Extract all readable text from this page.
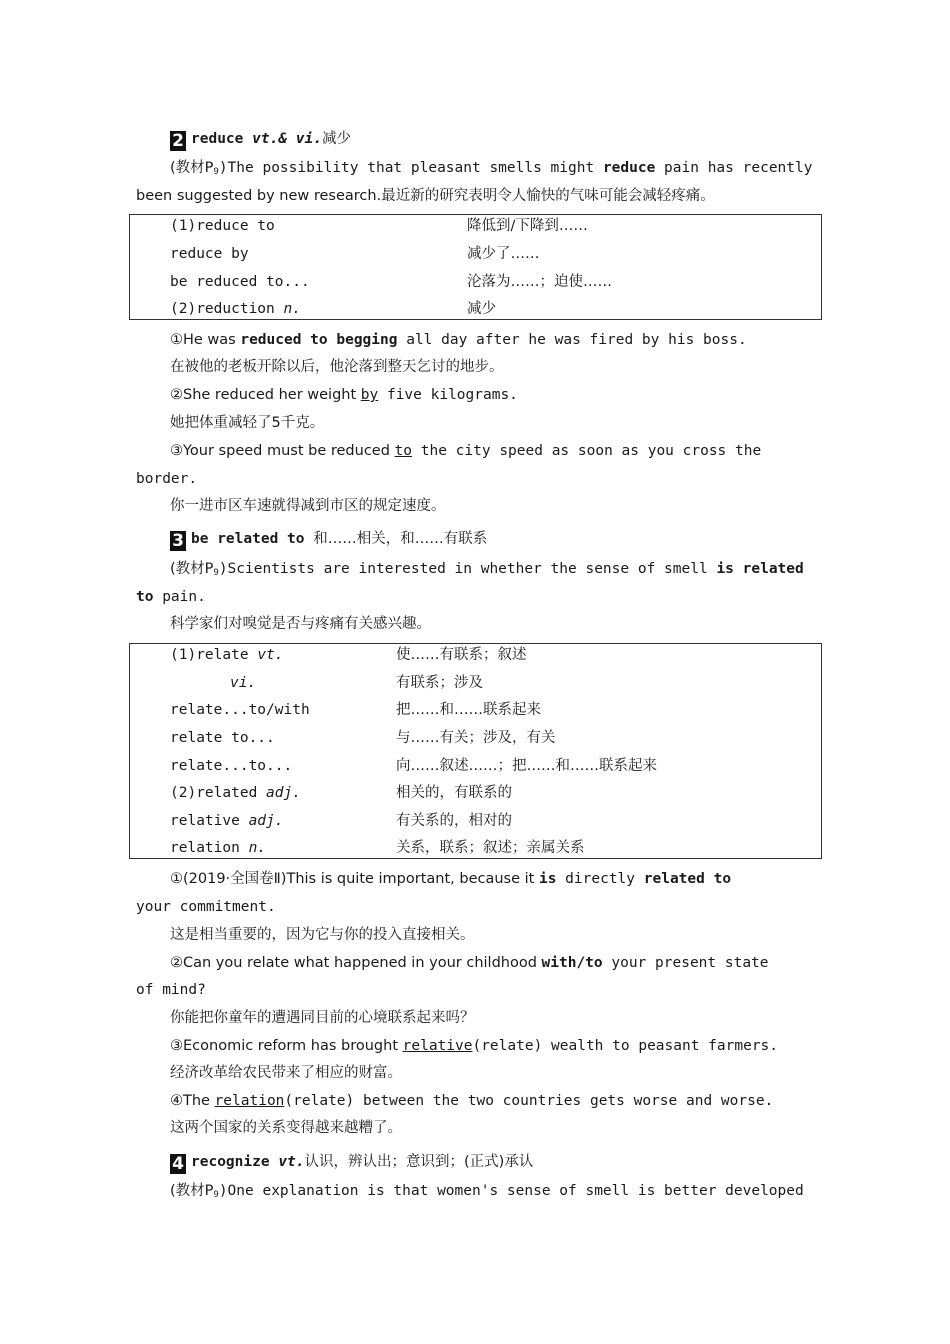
2 reduce vt.& vi.减少
(教材$P_9)The$ possibility that pleasant smells might reduce pain has recently
been suggested by new research.最近新的研究表明令人愉快的气味可能会减轻疼痛。
(1)reduce to	降低到/下降到……
reduce by	减少了……
be reduced to...	沦落为……；迫使……
(2)reduction n.	减少
①He was reduced to begging all day after he was fired by his boss.
在被他的老板开除以后，他沦落到整天乞讨的地步。
②She reduced her weight by five kilograms.
她把体重减轻了5千克。
③Your speed must be reduced to the city speed as soon as you cross the
border.
你一进市区车速就得减到市区的规定速度。
3 be related to 和……相关，和……有联系
(教材$P_9)Scientists$ are interested in whether the sense of smell is related
to pain.
科学家们对嗅觉是否与疼痛有关感兴趣。
(1)relate vt.	使……有联系；叙述
vi.	有联系；涉及
relate...to/with	把……和……联系起来
relate to...	与……有关；涉及，有关
relate...to...	向……叙述……；把……和……联系起来
(2)related adj.	相关的，有联系的
relative adj.	有关系的，相对的
relation n.	关系，联系；叙述；亲属关系
①(2019·全国卷Ⅱ)This is quite important, because it is directly related to
your commitment.
这是相当重要的，因为它与你的投入直接相关。
②Can you relate what happened in your childhood with/to your present state
of mind?
你能把你童年的遭遇同目前的心境联系起来吗？
③Economic reform has brought relative(relate) wealth to peasant farmers.
经济改革给农民带来了相应的财富。
④The relation(relate) between the two countries gets worse and worse.
这两个国家的关系变得越来越糟了。
4 recognize vt.认识，辨认出；意识到；(正式)承认
(教材$P_9)One$ explanation is that women's sense of smell is better developed
